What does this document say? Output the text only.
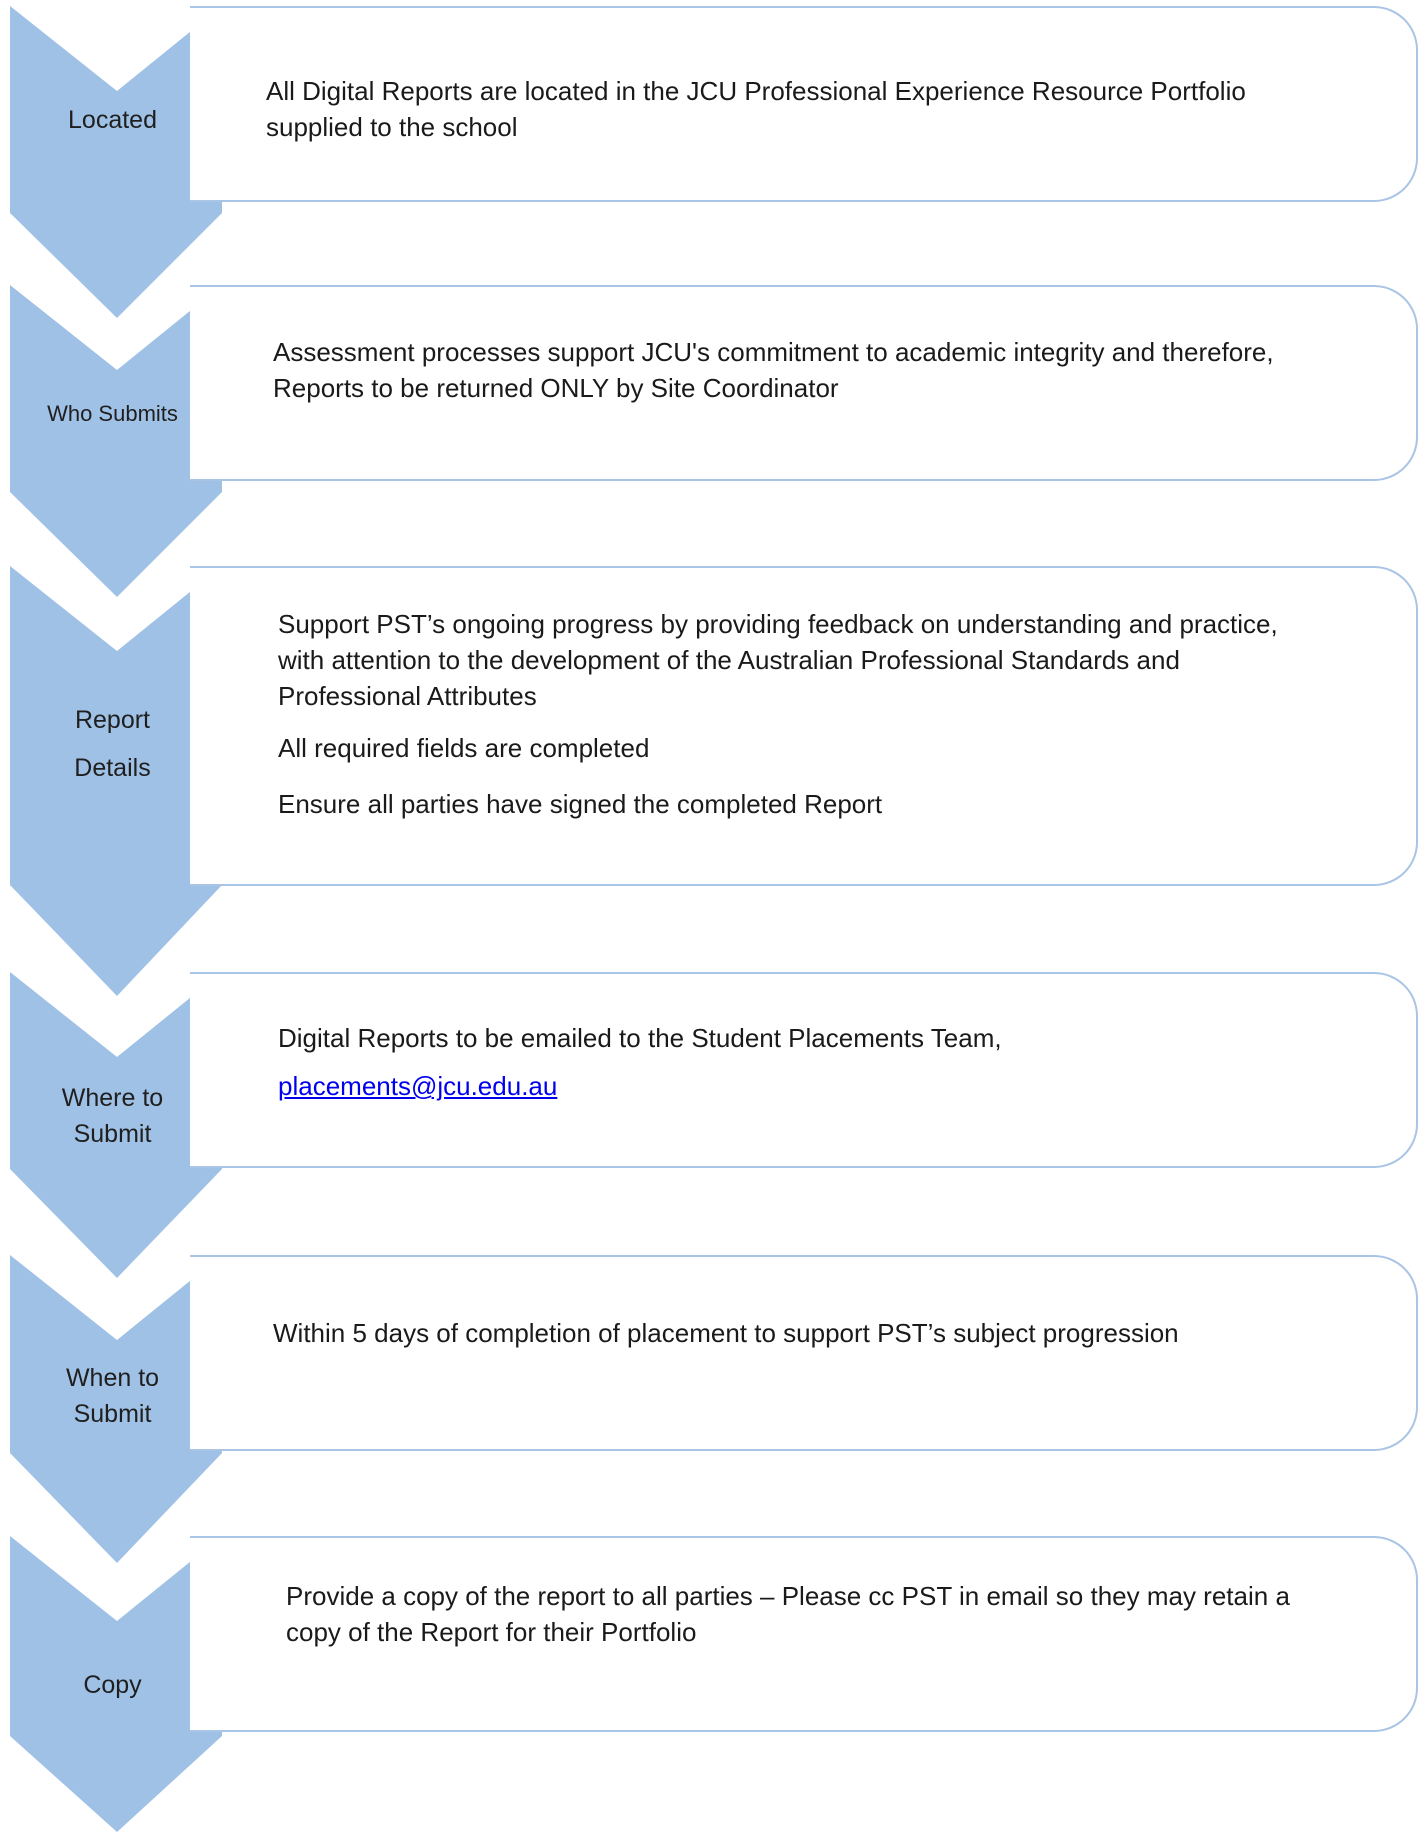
Located
All Digital Reports are located in the JCU Professional Experience Resource Portfolio
supplied to the school
Who Submits
Assessment processes support JCU's commitment to academic integrity and therefore,
Reports to be returned ONLY by Site Coordinator
Report
Details
Support PST’s ongoing progress by providing feedback on understanding and practice,
with attention to the development of the Australian Professional Standards and
Professional Attributes
All required fields are completed
Ensure all parties have signed the completed Report
Where to
Submit
Digital Reports to be emailed to the Student Placements Team,
placements@jcu.edu.au
When to
Submit
Within 5 days of completion of placement to support PST’s subject progression
Copy
Provide a copy of the report to all parties – Please cc PST in email so they may retain a
copy of the Report for their Portfolio
